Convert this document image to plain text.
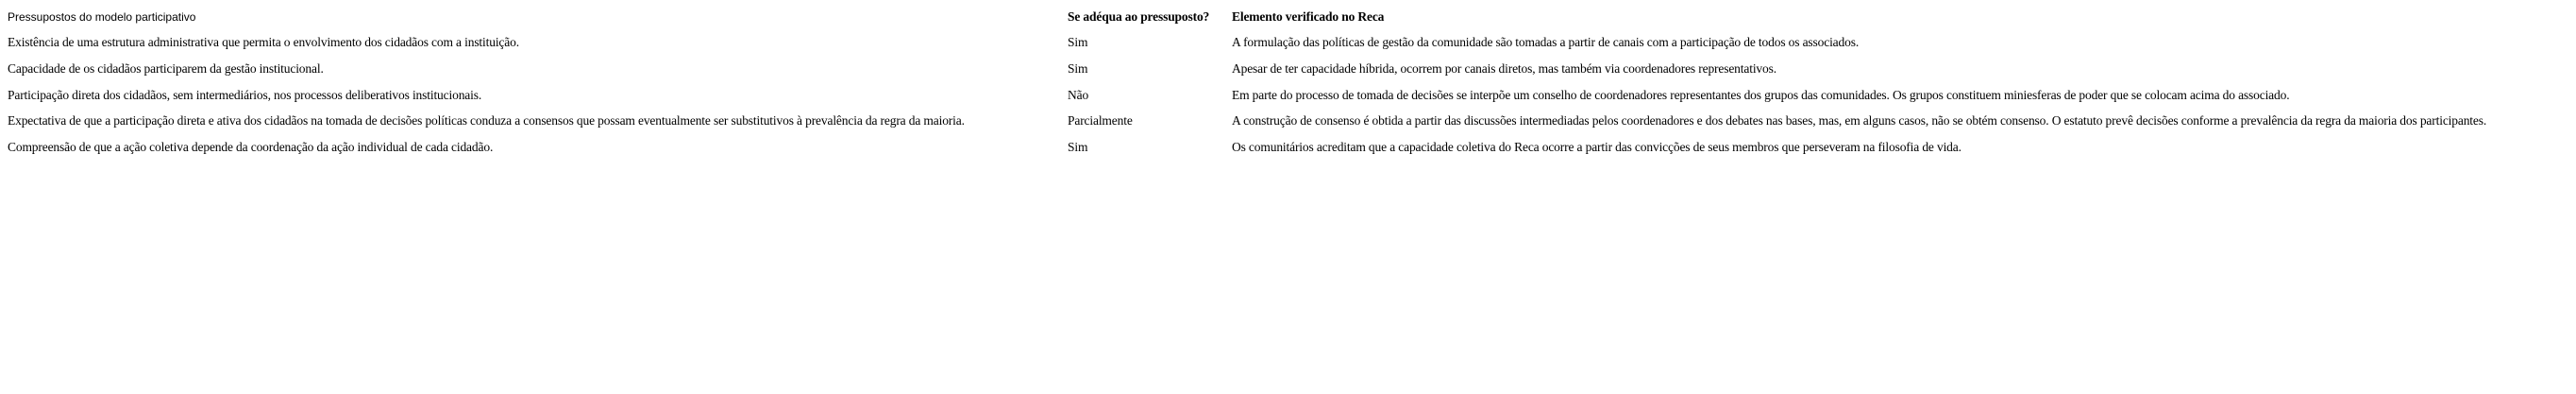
Pressupostos do modelo participativo	Se adéqua ao pressuposto?	Elemento verificado no Reca
Existência de uma estrutura administrativa que permita o envolvimento dos cidadãos com a instituição.	Sim	A formulação das políticas de gestão da comunidade são tomadas a partir de canais com a participação de todos os associados.
Capacidade de os cidadãos participarem da gestão institucional.	Sim	Apesar de ter capacidade híbrida, ocorrem por canais diretos, mas também via coordenadores representativos.
Participação direta dos cidadãos, sem intermediários, nos processos deliberativos institucionais.	Não	Em parte do processo de tomada de decisões se interpõe um conselho de coordenadores representantes dos grupos das comunidades. Os grupos constituem miniesferas de poder que se colocam acima do associado.
Expectativa de que a participação direta e ativa dos cidadãos na tomada de decisões políticas conduza a consensos que possam eventualmente ser substitutivos à prevalência da regra da maioria.	Parcialmente	A construção de consenso é obtida a partir das discussões intermediadas pelos coordenadores e dos debates nas bases, mas, em alguns casos, não se obtém consenso. O estatuto prevê decisões conforme a prevalência da regra da maioria dos participantes.
Compreensão de que a ação coletiva depende da coordenação da ação individual de cada cidadão.	Sim	Os comunitários acreditam que a capacidade coletiva do Reca ocorre a partir das convicções de seus membros que perseveram na filosofia de vida.
